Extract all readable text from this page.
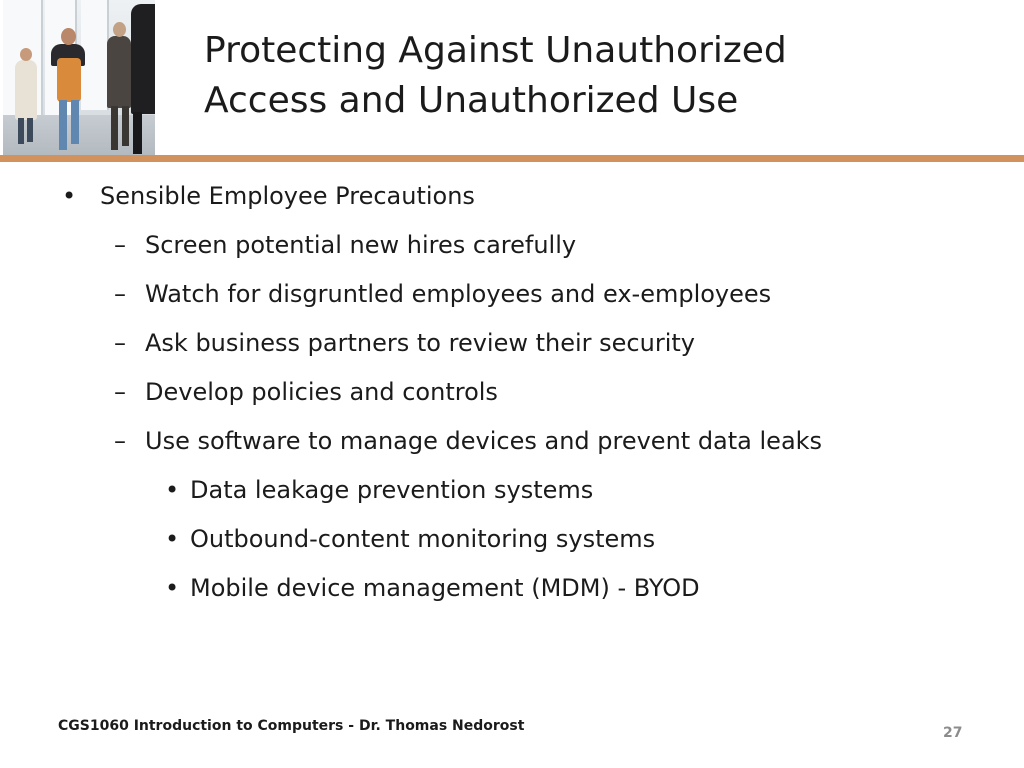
Protecting Against Unauthorized
Access and Unauthorized Use
• Sensible Employee Precautions
– Screen potential new hires carefully
– Watch for disgruntled employees and ex-employees
– Ask business partners to review their security
– Develop policies and controls
– Use software to manage devices and prevent data leaks
• Data leakage prevention systems
• Outbound-content monitoring systems
• Mobile device management (MDM) - BYOD
CGS1060 Introduction to Computers - Dr. Thomas Nedorost	27
